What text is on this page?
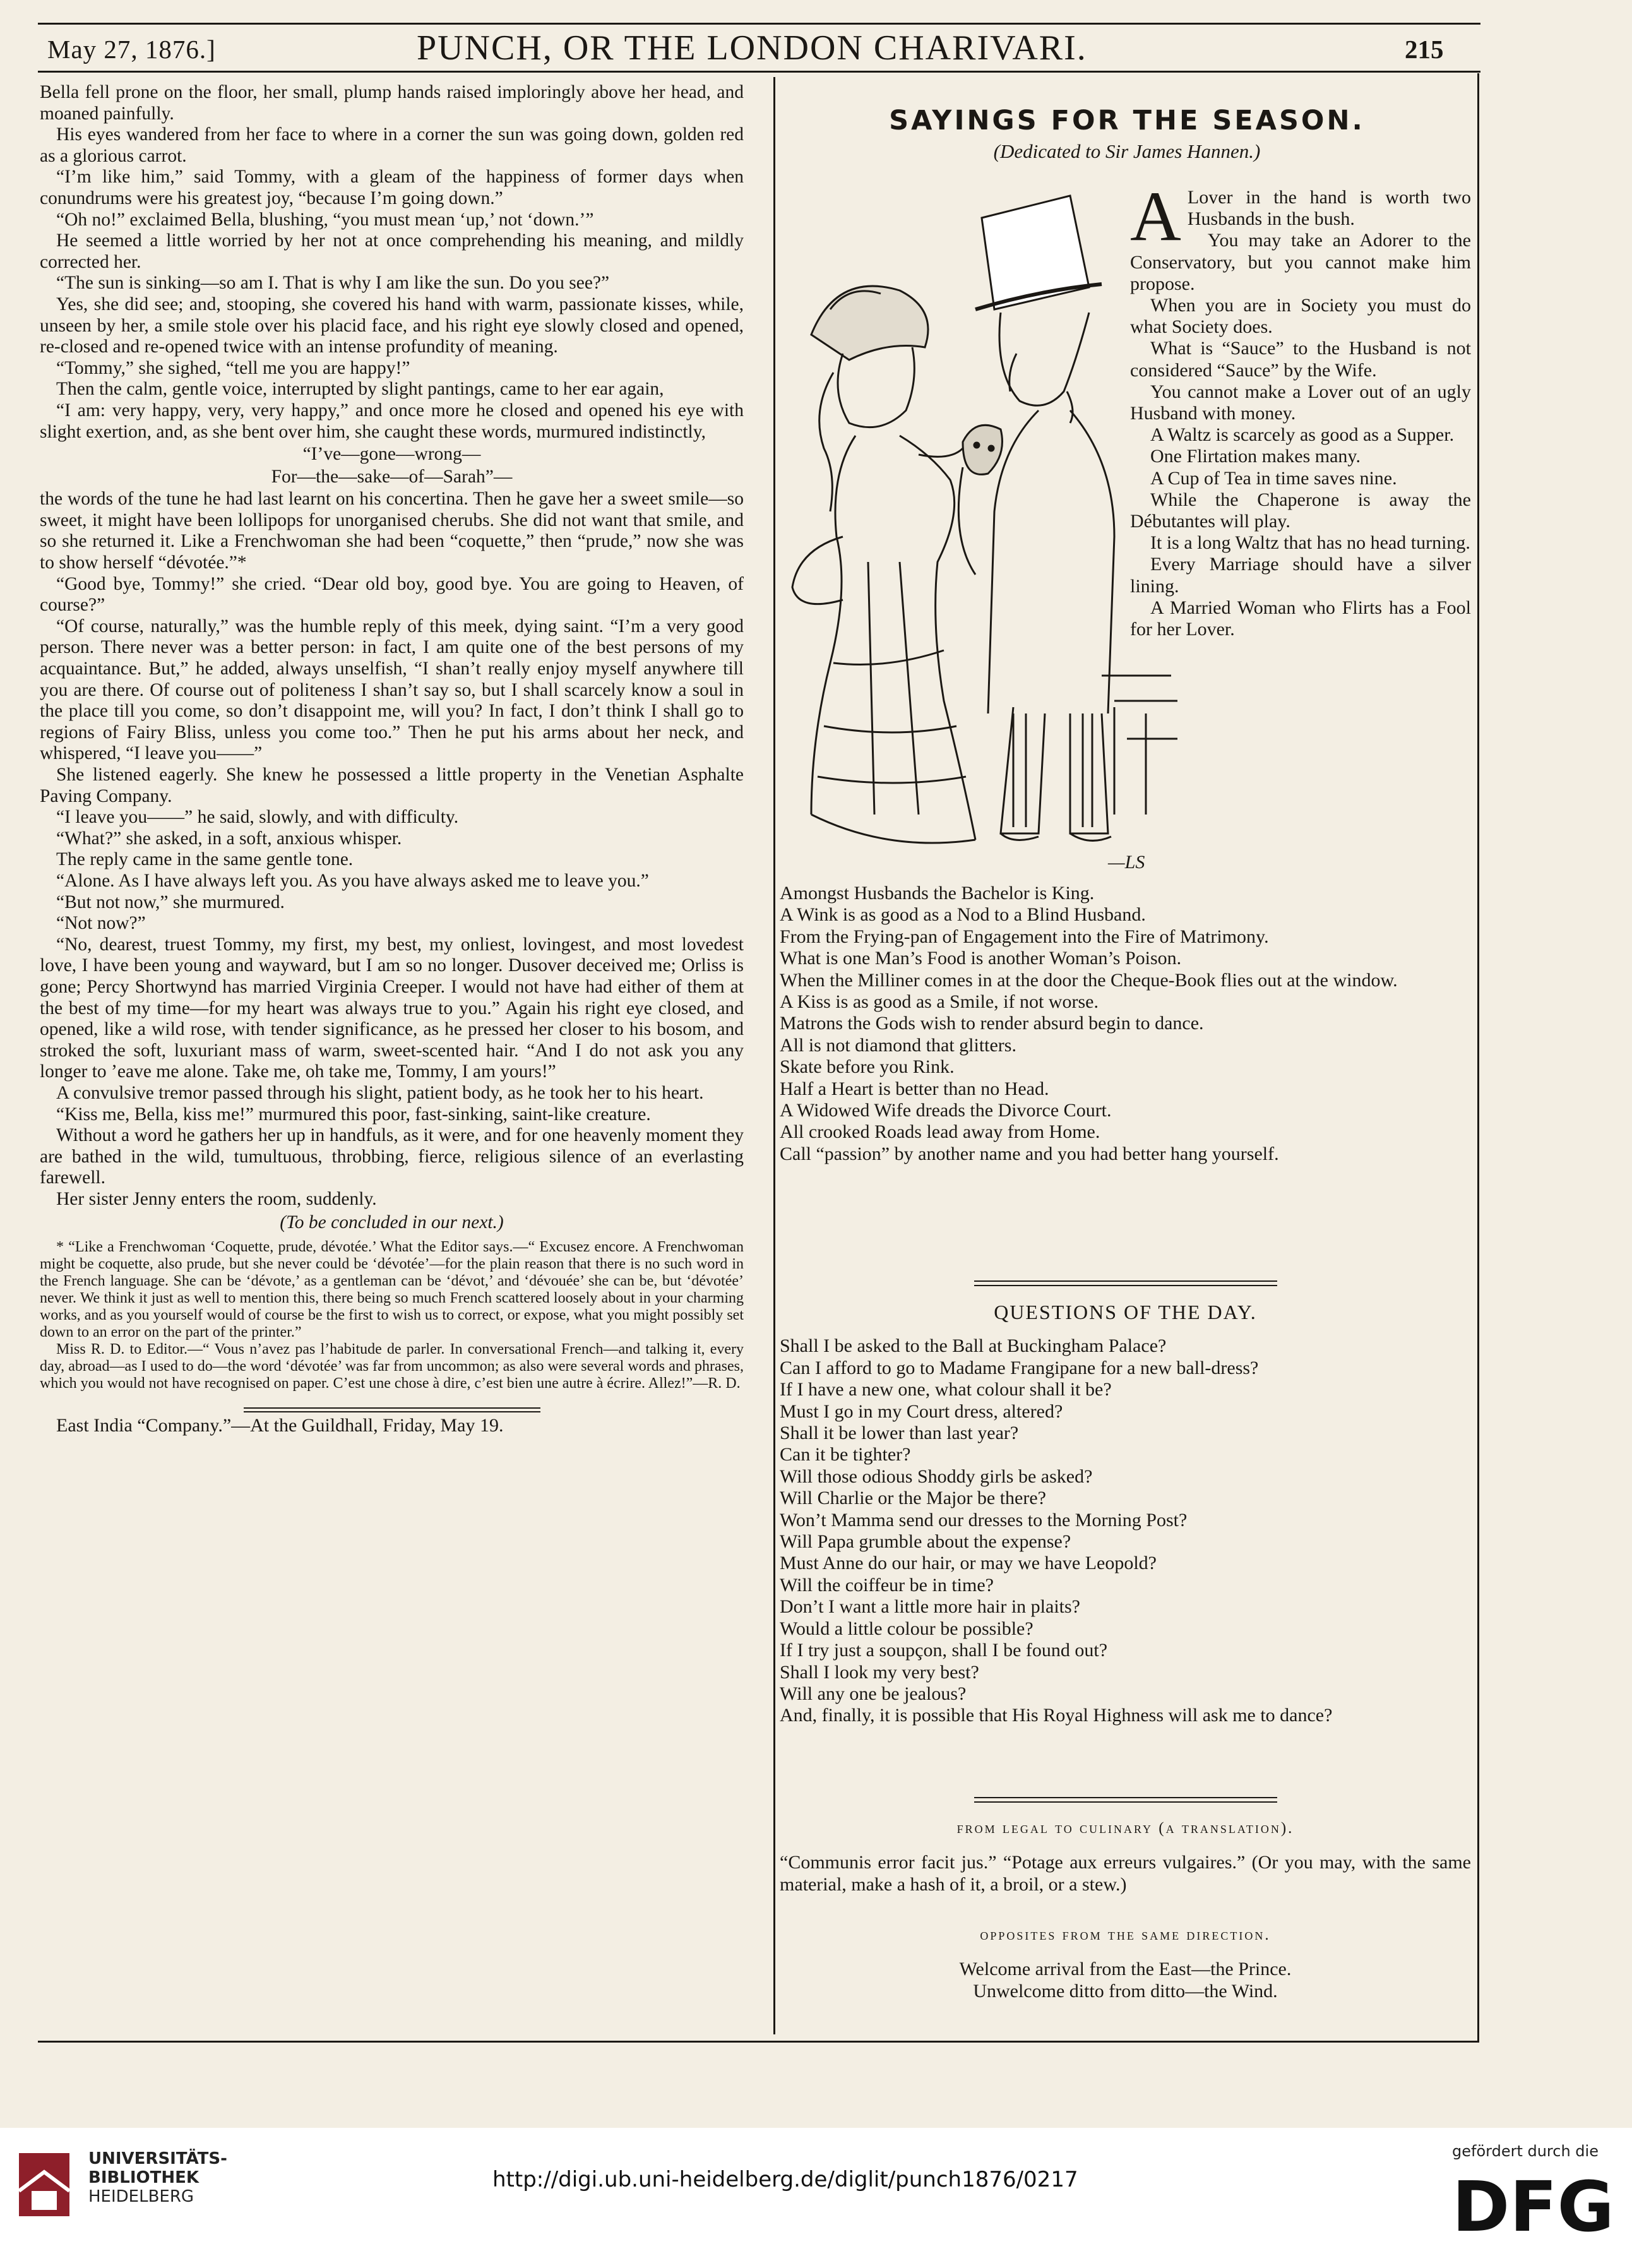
May 27, 1876.]	PUNCH, OR THE LONDON CHARIVARI.	215

Bella fell prone on the floor, her small, plump hands raised imploringly above her head, and moaned painfully.

His eyes wandered from her face to where in a corner the sun was going down, golden red as a glorious carrot.

“I’m like him,” said Tommy, with a gleam of the happiness of former days when conundrums were his greatest joy, “because I’m going down.”

“Oh no!” exclaimed Bella, blushing, “you must mean ‘up,’ not ‘down.’”

He seemed a little worried by her not at once comprehending his meaning, and mildly corrected her.

“The sun is sinking—so am I. That is why I am like the sun. Do you see?”

Yes, she did see; and, stooping, she covered his hand with warm, passionate kisses, while, unseen by her, a smile stole over his placid face, and his right eye slowly closed and opened, re-closed and re-opened twice with an intense profundity of meaning.

“Tommy,” she sighed, “tell me you are happy!”

Then the calm, gentle voice, interrupted by slight pantings, came to her ear again,

“I am: very happy, very, very happy,” and once more he closed and opened his eye with slight exertion, and, as she bent over him, she caught these words, murmured indistinctly,

“I’ve—gone—wrong—

For—the—sake—of—Sarah”—

the words of the tune he had last learnt on his concertina. Then he gave her a sweet smile—so sweet, it might have been lollipops for unorganised cherubs. She did not want that smile, and so she returned it. Like a Frenchwoman she had been “coquette,” then “prude,” now she was to show herself “dévotée.”*

“Good bye, Tommy!” she cried. “Dear old boy, good bye. You are going to Heaven, of course?”

“Of course, naturally,” was the humble reply of this meek, dying saint. “I’m a very good person. There never was a better person: in fact, I am quite one of the best persons of my acquaintance. But,” he added, always unselfish, “I shan’t really enjoy myself anywhere till you are there. Of course out of politeness I shan’t say so, but I shall scarcely know a soul in the place till you come, so don’t disappoint me, will you? In fact, I don’t think I shall go to regions of Fairy Bliss, unless you come too.” Then he put his arms about her neck, and whispered, “I leave you——”

She listened eagerly. She knew he possessed a little property in the Venetian Asphalte Paving Company.

“I leave you——” he said, slowly, and with difficulty.

“What?” she asked, in a soft, anxious whisper.

The reply came in the same gentle tone.

“Alone. As I have always left you. As you have always asked me to leave you.”

“But not now,” she murmured.

“Not now?”

“No, dearest, truest Tommy, my first, my best, my onliest, lovingest, and most lovedest love, I have been young and wayward, but I am so no longer. Dusover deceived me; Orliss is gone; Percy Shortwynd has married Virginia Creeper. I would not have had either of them at the best of my time—for my heart was always true to you.” Again his right eye closed, and opened, like a wild rose, with tender significance, as he pressed her closer to his bosom, and stroked the soft, luxuriant mass of warm, sweet-scented hair. “And I do not ask you any longer to ’eave me alone. Take me, oh take me, Tommy, I am yours!”

A convulsive tremor passed through his slight, patient body, as he took her to his heart.

“Kiss me, Bella, kiss me!” murmured this poor, fast-sinking, saint-like creature.

Without a word he gathers her up in handfuls, as it were, and for one heavenly moment they are bathed in the wild, tumultuous, throbbing, fierce, religious silence of an everlasting farewell.

Her sister Jenny enters the room, suddenly.

(To be concluded in our next.)

* “Like a Frenchwoman ‘Coquette, prude, dévotée.’ What the Editor says.—“ Excusez encore. A Frenchwoman might be coquette, also prude, but she never could be ‘dévotée’—for the plain reason that there is no such word in the French language. She can be ‘dévote,’ as a gentleman can be ‘dévot,’ and ‘dévouée’ she can be, but ‘dévotée’ never. We think it just as well to mention this, there being so much French scattered loosely about in your charming works, and as you yourself would of course be the first to wish us to correct, or expose, what you might possibly set down to an error on the part of the printer.”

Miss R. D. to Editor.—“ Vous n’avez pas l’habitude de parler. In conversational French—and talking it, every day, abroad—as I used to do—the word ‘dévotée’ was far from uncommon; as also were several words and phrases, which you would not have recognised on paper. C’est une chose à dire, c’est bien une autre à écrire. Allez!”—R. D.

East India “Company.”—At the Guildhall, Friday, May 19.

SAYINGS FOR THE SEASON.
(Dedicated to Sir James Hannen.)
—LS

A Lover in the hand is worth two Husbands in the bush.

You may take an Adorer to the Conservatory, but you cannot make him propose.

When you are in Society you must do what Society does.

What is “Sauce” to the Husband is not considered “Sauce” by the Wife.

You cannot make a Lover out of an ugly Husband with money.

A Waltz is scarcely as good as a Supper.

One Flirtation makes many.

A Cup of Tea in time saves nine.

While the Chaperone is away the Débutantes will play.

It is a long Waltz that has no head turning.

Every Marriage should have a silver lining.

A Married Woman who Flirts has a Fool for her Lover.

Amongst Husbands the Bachelor is King.

A Wink is as good as a Nod to a Blind Husband.

From the Frying-pan of Engagement into the Fire of Matrimony.

What is one Man’s Food is another Woman’s Poison.

When the Milliner comes in at the door the Cheque-Book flies out at the window.

A Kiss is as good as a Smile, if not worse.

Matrons the Gods wish to render absurd begin to dance.

All is not diamond that glitters.

Skate before you Rink.

Half a Heart is better than no Head.

A Widowed Wife dreads the Divorce Court.

All crooked Roads lead away from Home.

Call “passion” by another name and you had better hang yourself.

QUESTIONS OF THE DAY.

Shall I be asked to the Ball at Buckingham Palace?

Can I afford to go to Madame Frangipane for a new ball-dress?

If I have a new one, what colour shall it be?

Must I go in my Court dress, altered?

Shall it be lower than last year?

Can it be tighter?

Will those odious Shoddy girls be asked?

Will Charlie or the Major be there?

Won’t Mamma send our dresses to the Morning Post?

Will Papa grumble about the expense?

Must Anne do our hair, or may we have Leopold?

Will the coiffeur be in time?

Don’t I want a little more hair in plaits?

Would a little colour be possible?

If I try just a soupçon, shall I be found out?

Shall I look my very best?

Will any one be jealous?

And, finally, it is possible that His Royal Highness will ask me to dance?

from legal to culinary (a translation).

“Communis error facit jus.” “Potage aux erreurs vulgaires.” (Or you may, with the same material, make a hash of it, a broil, or a stew.)

opposites from the same direction.

Welcome arrival from the East—the Prince.

Unwelcome ditto from ditto—the Wind.

UNIVERSITÄTS-
BIBLIOTHEK
HEIDELBERG
http://digi.ub.uni-heidelberg.de/diglit/punch1876/0217
gefördert durch die
DFG
